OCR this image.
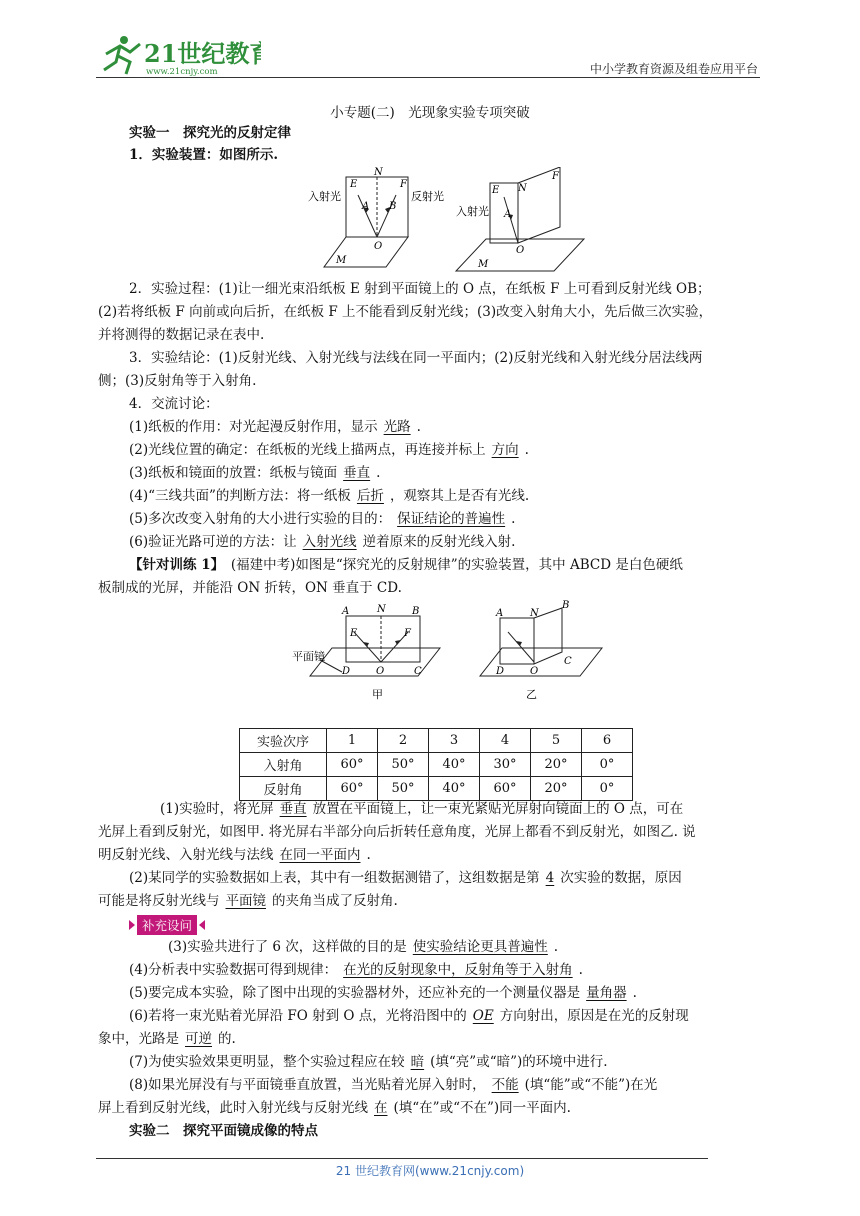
21世纪教育
www.21cnjy.com	中小学教育资源及组卷应用平台
小专题(二)　光现象实验专项突破
实验一　探究光的反射定律
1．实验装置：如图所示.
入射光	反射光
E
N
F
A B
O
M
入射光
E N
F
A
O
M
2．实验过程：(1)让一细光束沿纸板 E 射到平面镜上的 O 点，在纸板 F 上可看到反射光线 OB；
(2)若将纸板 F 向前或向后折，在纸板 F 上不能看到反射光线；(3)改变入射角大小，先后做三次实验，
并将测得的数据记录在表中.
3．实验结论：(1)反射光线、入射光线与法线在同一平面内；(2)反射光线和入射光线分居法线两
侧；(3)反射角等于入射角.
4．交流讨论：
(1)纸板的作用：对光起漫反射作用，显示 光路 .
(2)光线位置的确定：在纸板的光线上描两点，再连接并标上 方向 .
(3)纸板和镜面的放置：纸板与镜面 垂直 .
(4)“三线共面”的判断方法：将一纸板 后折 ，观察其上是否有光线.
(5)多次改变入射角的大小进行实验的目的： 保证结论的普遍性 .
(6)验证光路可逆的方法：让 入射光线 逆着原来的反射光线入射.
【针对训练 1】　 (福建中考)如图是“探究光的反射规律”的实验装置，其中 ABCD 是白色硬纸
板制成的光屏，并能沿 ON 折转，ON 垂直于 CD.
平面镜
A	N	B
E	F
D	O	C
甲
A	N
B
C
D	O
乙
实验次序	1	2	3	4	5	6
入射角	60°	50°	40°	30°	20°	0°
反射角	60°	50°	40°	60°	20°	0°
(1)实验时，将光屏 垂直 放置在平面镜上，让一束光紧贴光屏射向镜面上的 O 点，可在
光屏上看到反射光，如图甲. 将光屏右半部分向后折转任意角度，光屏上都看不到反射光，如图乙. 说
明反射光线、入射光线与法线 在同一平面内 .
(2)某同学的实验数据如上表，其中有一组数据测错了，这组数据是第 4 次实验的数据，原因
可能是将反射光线与 平面镜 的夹角当成了反射角.
补充设问
(3)实验共进行了 6 次，这样做的目的是 使实验结论更具普遍性 .
(4)分析表中实验数据可得到规律： 在光的反射现象中，反射角等于入射角 .
(5)要完成本实验，除了图中出现的实验器材外，还应补充的一个测量仪器是 量角器 .
(6)若将一束光贴着光屏沿 FO 射到 O 点，光将沿图中的 OE 方向射出，原因是在光的反射现
象中，光路是 可逆 的.
(7)为使实验效果更明显，整个实验过程应在较 暗 (填“亮”或“暗”)的环境中进行.
(8)如果光屏没有与平面镜垂直放置，当光贴着光屏入射时， 不能 (填“能”或“不能”)在光
屏上看到反射光线，此时入射光线与反射光线 在 (填“在”或“不在”)同一平面内.
实验二　探究平面镜成像的特点
21 世纪教育网(www.21cnjy.com)
